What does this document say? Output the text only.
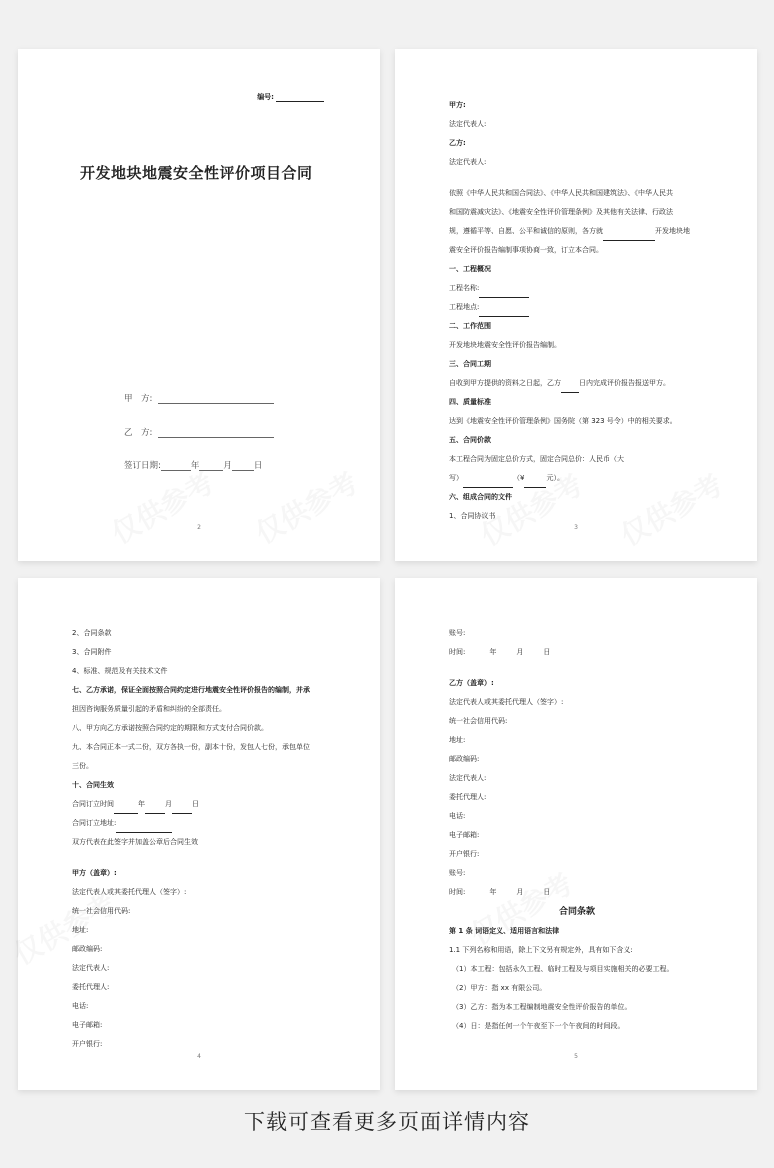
编号:
开发地块地震安全性评价项目合同
甲　方:
乙　方:
签订日期:	年	月	日
2
甲方:
法定代表人:
乙方:
法定代表人:
依照《中华人民共和国合同法》、《中华人民共和国建筑法》、《中华人民共
和国防震减灾法》、《地震安全性评价管理条例》及其他有关法律、行政法
规，遵循平等、自愿、公平和诚信的原则，各方就	开发地块地
震安全评价报告编制事项协商一致，订立本合同。
一、工程概况
工程名称:
工程地点:
二、工作范围
开发地块地震安全性评价报告编制。
三、合同工期
自收到甲方提供的资料之日起，乙方	日内完成评价报告报送甲方。
四、质量标准
达到《地震安全性评价管理条例》国务院（第 323 号令）中的相关要求。
五、合同价款
本工程合同为固定总价方式，固定合同总价：人民币（大
写）	（¥	元）。
六、组成合同的文件
1、合同协议书
3
2、合同条款
3、合同附件
4、标准、规范及有关技术文件
七、乙方承诺，保证全面按照合同约定进行地震安全性评价报告的编制，并承
担因咨询服务质量引起的矛盾和纠纷的全部责任。
八、甲方向乙方承诺按照合同约定的期限和方式支付合同价款。
九、本合同正本一式二份，双方各执一份，副本十份，发包人七份，承包单位
三份。
十、合同生效
合同订立时间	年	月	日
合同订立地址:
双方代表在此签字并加盖公章后合同生效
甲方（盖章）:
法定代表人或其委托代理人（签字）:
统一社会信用代码:
地址:
邮政编码:
法定代表人:
委托代理人:
电话:
电子邮箱:
开户银行:
4
账号:
时间:	年	月	日
乙方（盖章）:
法定代表人或其委托代理人（签字）:
统一社会信用代码:
地址:
邮政编码:
法定代表人:
委托代理人:
电话:
电子邮箱:
开户银行:
账号:
时间:	年	月	日
合同条款
第 1 条 词语定义、适用语言和法律
1.1 下列名称和用语，除上下文另有规定外，具有如下含义:
（1）本工程：包括永久工程、临时工程及与项目实施相关的必要工程。
（2）甲方：指 xx 有限公司。
（3）乙方：指为本工程编制地震安全性评价报告的单位。
（4）日：是指任何一个午夜至下一个午夜间的时间段。
5
下载可查看更多页面详情内容
